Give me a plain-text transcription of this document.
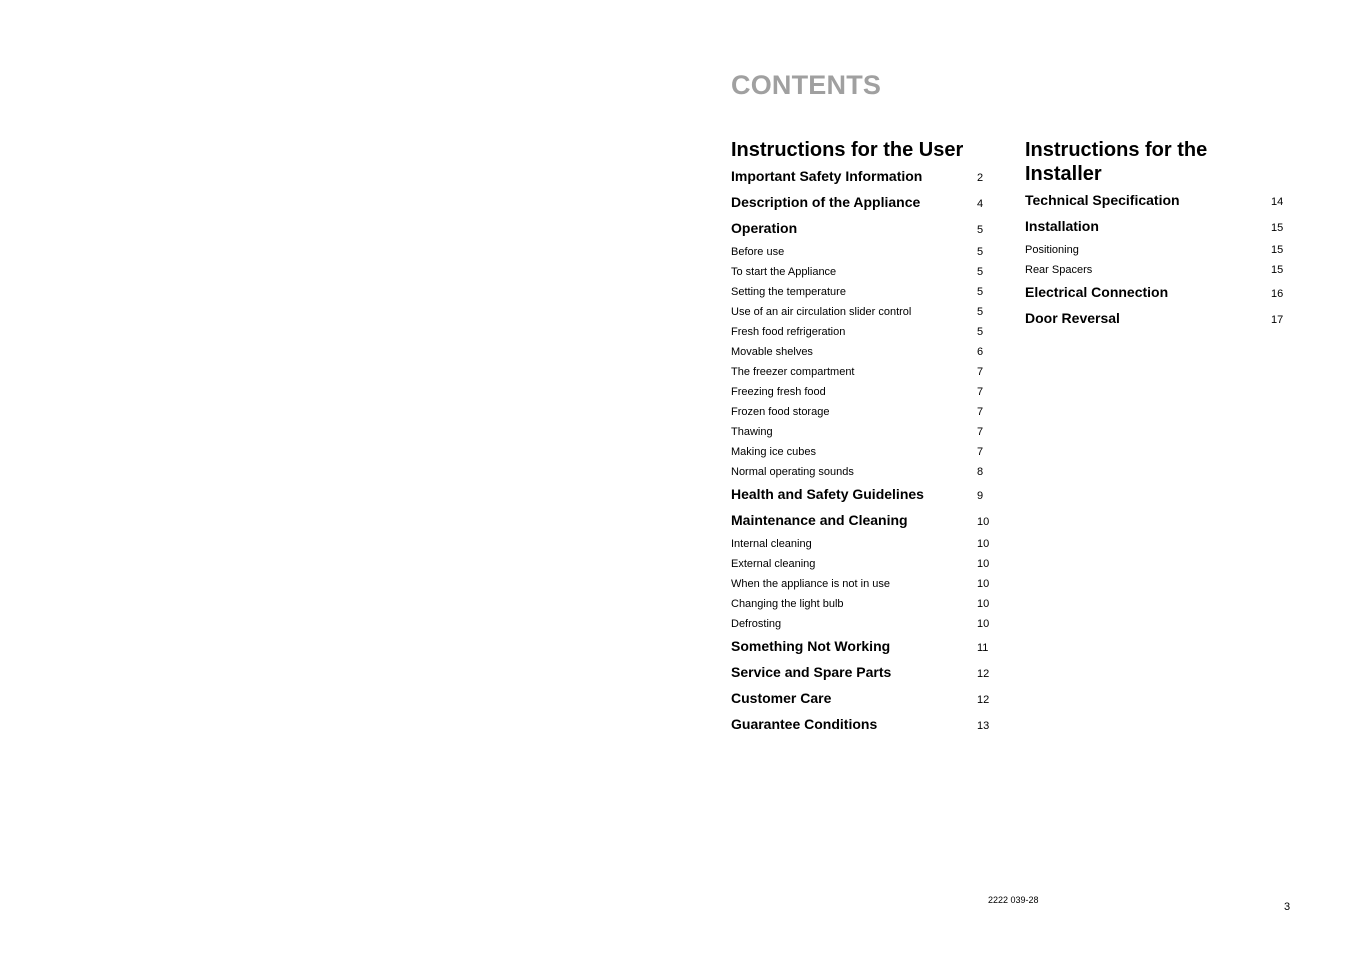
CONTENTS
Instructions for the User
Important Safety Information	2
Description of the Appliance	4
Operation	5
Before use	5
To start the Appliance	5
Setting the temperature	5
Use of an air circulation slider control	5
Fresh food refrigeration	5
Movable shelves	6
The freezer compartment	7
Freezing fresh food	7
Frozen food storage	7
Thawing	7
Making ice cubes	7
Normal operating sounds	8
Health and Safety Guidelines	9
Maintenance and Cleaning	10
Internal cleaning	10
External cleaning	10
When the appliance is not in use	10
Changing the light bulb	10
Defrosting	10
Something Not Working	11
Service and Spare Parts	12
Customer Care	12
Guarantee Conditions	13
Instructions for the Installer
Technical Specification	14
Installation	15
Positioning	15
Rear Spacers	15
Electrical Connection	16
Door Reversal	17
2222 039-28
3
